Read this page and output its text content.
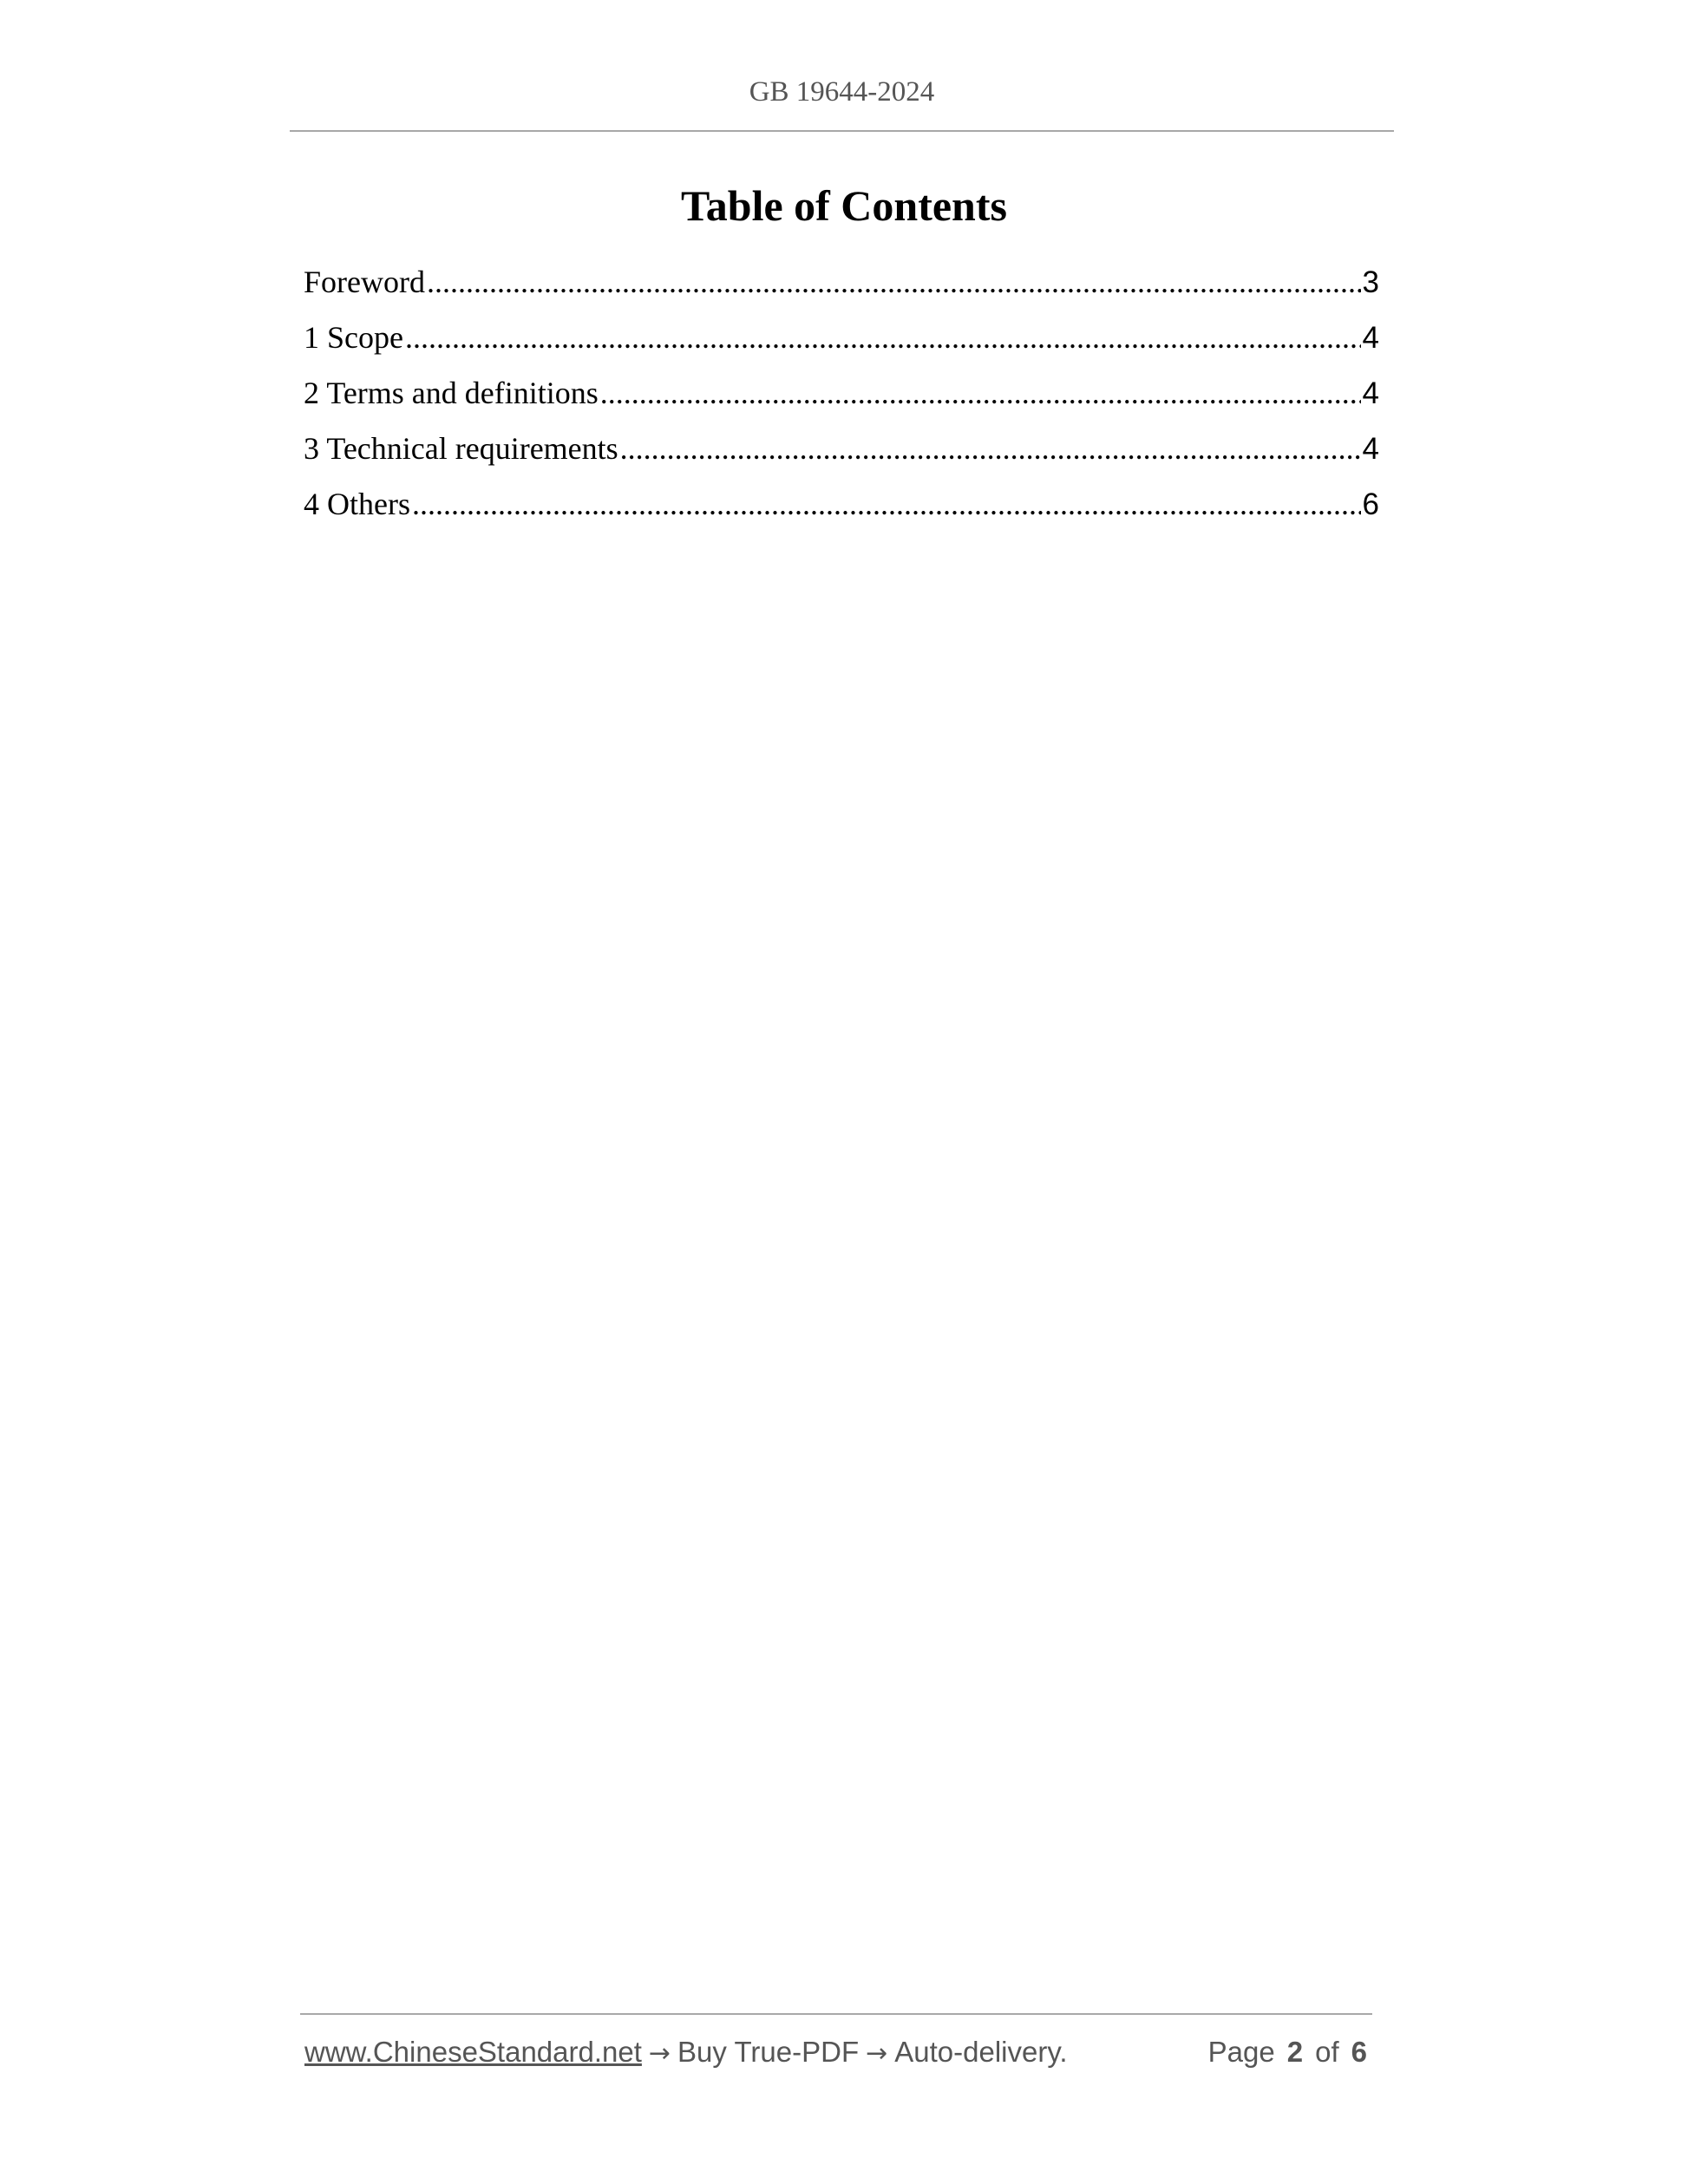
GB 19644-2024
Table of Contents
Foreword .....	3
1 Scope .....	4
2 Terms and definitions .....	4
3 Technical requirements .....	4
4 Others .....	6
www.ChineseStandard.net → Buy True-PDF → Auto-delivery.	Page 2 of 6
